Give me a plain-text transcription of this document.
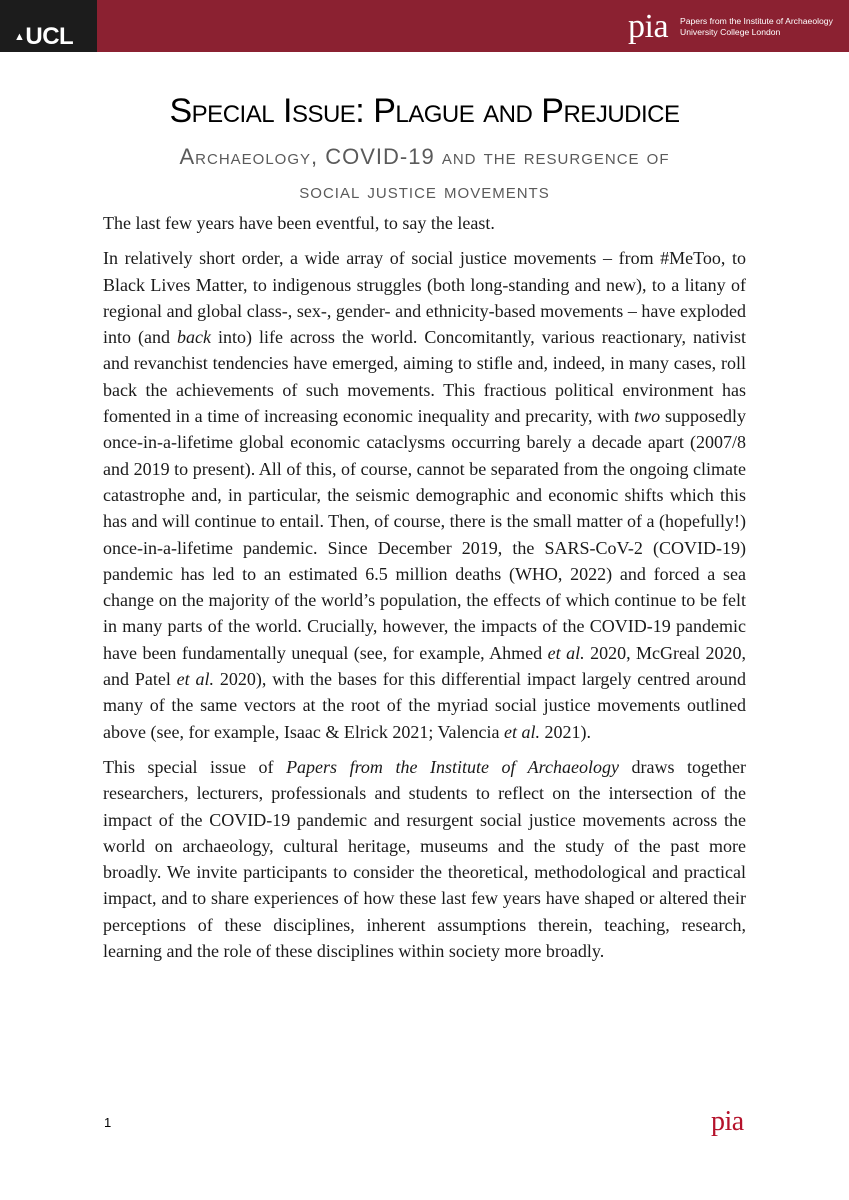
▲UCL	pia Papers from the Institute of Archaeology
University College London
Special Issue: Plague and Prejudice
Archaeology, COVID-19 and the resurgence of
social justice movements

The last few years have been eventful, to say the least.

In relatively short order, a wide array of social justice movements – from #MeToo, to Black Lives Matter, to indigenous struggles (both long-standing and new), to a litany of regional and global class-, sex-, gender- and ethnicity-based movements – have exploded into (and back into) life across the world. Concomitantly, various reactionary, nativist and revanchist tendencies have emerged, aiming to stifle and, indeed, in many cases, roll back the achievements of such movements. This fractious political environment has fomented in a time of increasing economic inequality and precarity, with two supposedly once-in-a-lifetime global economic cataclysms occurring barely a decade apart (2007/8 and 2019 to present). All of this, of course, cannot be separated from the ongoing climate catastrophe and, in particular, the seismic demographic and economic shifts which this has and will continue to entail. Then, of course, there is the small matter of a (hopefully!) once-in-a-lifetime pandemic. Since December 2019, the SARS-CoV-2 (COVID-19) pandemic has led to an estimated 6.5 million deaths (WHO, 2022) and forced a sea change on the majority of the world’s population, the effects of which continue to be felt in many parts of the world. Crucially, however, the impacts of the COVID-19 pandemic have been fundamentally unequal (see, for example, Ahmed et al. 2020, McGreal 2020, and Patel et al. 2020), with the bases for this differential impact largely centred around many of the same vectors at the root of the myriad social justice movements outlined above (see, for example, Isaac & Elrick 2021; Valencia et al. 2021).

This special issue of Papers from the Institute of Archaeology draws together researchers, lecturers, professionals and students to reflect on the intersection of the impact of the COVID-19 pandemic and resurgent social justice movements across the world on archaeology, cultural heritage, museums and the study of the past more broadly. We invite participants to consider the theoretical, methodological and practical impact, and to share experiences of how these last few years have shaped or altered their perceptions of these disciplines, inherent assumptions therein, teaching, research, learning and the role of these disciplines within society more broadly.

1	pia
